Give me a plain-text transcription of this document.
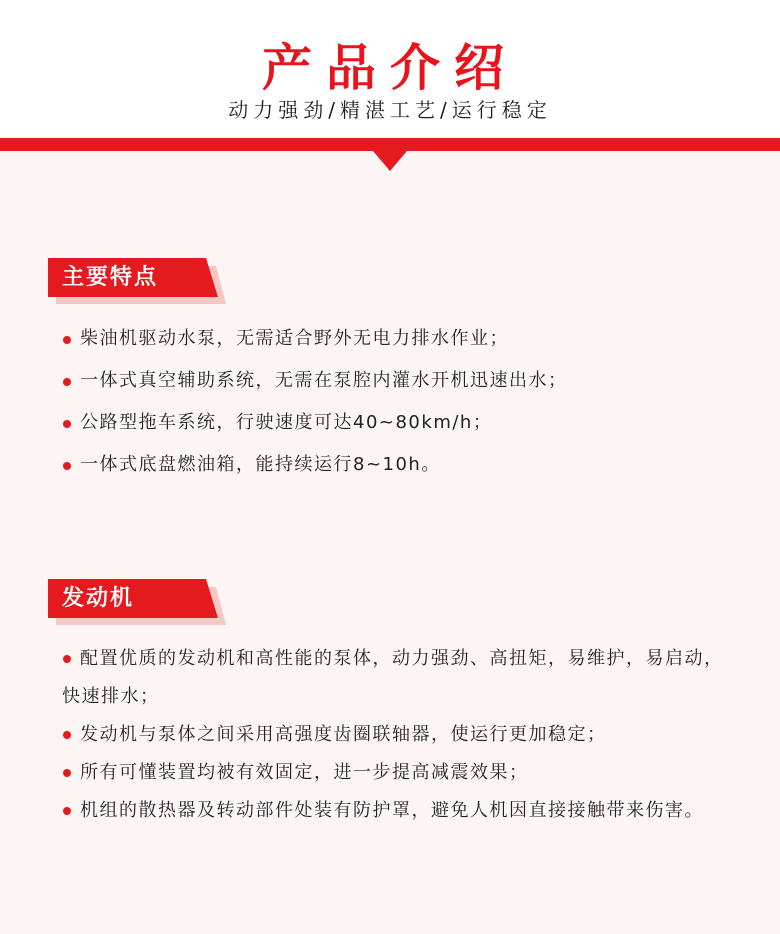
产品介绍
动力强劲/精湛工艺/运行稳定
主要特点
柴油机驱动水泵，无需适合野外无电力排水作业；
一体式真空辅助系统，无需在泵腔内灌水开机迅速出水；
公路型拖车系统，行驶速度可达40~80km/h；
一体式底盘燃油箱，能持续运行8~10h。
发动机
配置优质的发动机和高性能的泵体，动力强劲、高扭矩，易维护，易启动，快速排水；
发动机与泵体之间采用高强度齿圈联轴器，使运行更加稳定；
所有可懂装置均被有效固定，进一步提高减震效果；
机组的散热器及转动部件处装有防护罩，避免人机因直接接触带来伤害。
